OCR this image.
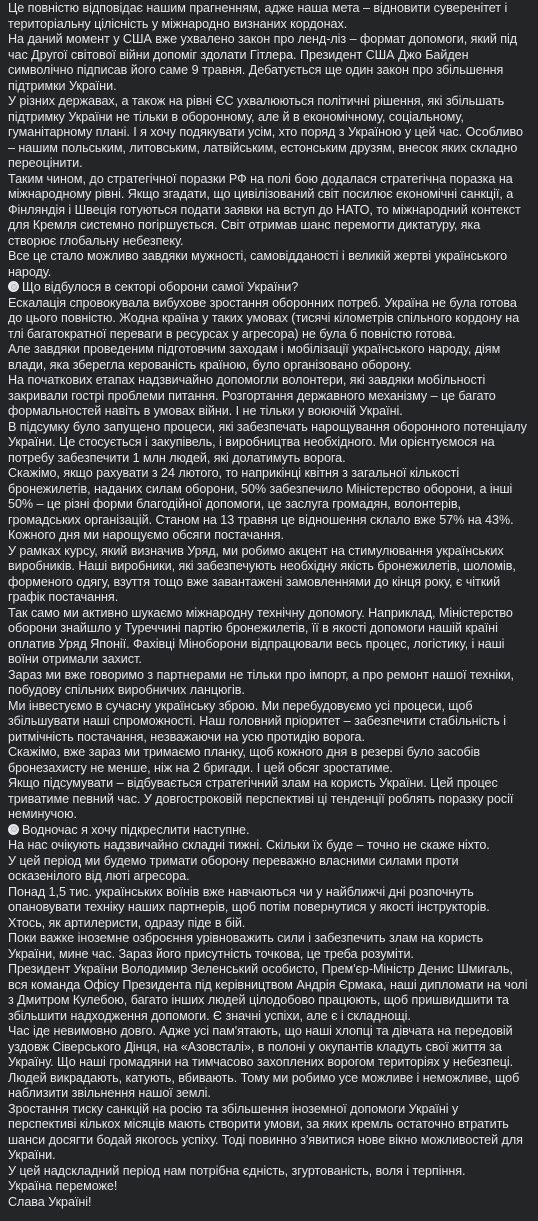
Це повністю відповідає нашим прагненням, адже наша мета – відновити суверенітет і територіальну цілісність у міжнародно визнаних кордонах.

На даний момент у США вже ухвалено закон про ленд-ліз – формат допомоги, який під час Другої світової війни допоміг здолати Гітлера. Президент США Джо Байден символічно підписав його саме 9 травня. Дебатується ще один закон про збільшення підтримки України.

У різних державах, а також на рівні ЄС ухвалюються політичні рішення, які збільшать підтримку України не тільки в оборонному, але й в економічному, соціальному, гуманітарному плані. І я хочу подякувати усім, хто поряд з Україною у цей час. Особливо – нашим польським, литовським, латвійським, естонським друзям, внесок яких складно переоцінити.

Таким чином, до стратегічної поразки РФ на полі бою додалася стратегічна поразка на міжнародному рівні. Якщо згадати, що цивілізований світ посилює економічні санкції, а Фінляндія і Швеція готуються подати заявки на вступ до НАТО, то міжнародний контекст для Кремля системно погіршується. Світ отримав шанс перемогти диктатуру, яка створює глобальну небезпеку.

Все це стало можливо завдяки мужності, самовідданості і великій жертві українського народу.

Що відбулося в секторі оборони самої України?

Ескалація спровокувала вибухове зростання оборонних потреб. Україна не була готова до цього повністю. Жодна країна у таких умовах (тисячі кілометрів спільного кордону на тлі багатократної переваги в ресурсах у агресора) не була б повністю готова.

Але завдяки проведеним підготовчим заходам і мобілізації українського народу, діям влади, яка зберегла керованість країною, було організовано оборону.

На початкових етапах надзвичайно допомогли волонтери, які завдяки мобільності закривали гострі проблеми питання. Розгортання державного механізму – це багато формальностей навіть в умовах війни. І не тільки у воюючій Україні.

В підсумку було запущено процеси, які забезпечать нарощування оборонного потенціалу України. Це стосується і закупівель, і виробництва необхідного. Ми орієнтуємося на потребу забезпечити 1 млн людей, які долатимуть ворога.

Скажімо, якщо рахувати з 24 лютого, то наприкінці квітня з загальної кількості бронежилетів, наданих силам оборони, 50% забезпечило Міністерство оборони, а інші 50% – це різні форми благодійної допомоги, це заслуга громадян, волонтерів, громадських організацій. Станом на 13 травня це відношення склало вже 57% на 43%. Кожного дня ми нарощуємо обсяги постачання.

У рамках курсу, який визначив Уряд, ми робимо акцент на стимулювання українських виробників. Наші виробники, які забезпечують необхідну якість бронежилетів, шоломів, форменого одягу, взуття тощо вже завантажені замовленнями до кінця року, є чіткий графік постачання.

Так само ми активно шукаємо міжнародну технічну допомогу. Наприклад, Міністерство оборони знайшло у Туреччині партію бронежилетів, її в якості допомоги нашій країні оплатив Уряд Японії. Фахівці Міноборони відпрацювали весь процес, логістику, і наші воїни отримали захист.

Зараз ми вже говоримо з партнерами не тільки про імпорт, а про ремонт нашої техніки, побудову спільних виробничих ланцюгів.

Ми інвестуємо в сучасну українську зброю. Ми перебудовуємо усі процеси, щоб збільшувати наші спроможності. Наш головний пріоритет – забезпечити стабільність і ритмічність постачання, незважаючи на усю протидію ворога.

Скажімо, вже зараз ми тримаємо планку, щоб кожного дня в резерві було засобів бронезахисту не менше, ніж на 2 бригади. І цей обсяг зростатиме.

Якщо підсумувати – відбувається стратегічний злам на користь України. Цей процес триватиме певний час. У довгостроковій перспективі ці тенденції роблять поразку росії неминучою.

Водночас я хочу підкреслити наступне.

На нас очікують надзвичайно складні тижні. Скільки їх буде – точно не скаже ніхто.

У цей період ми будемо тримати оборону переважно власними силами проти осказенілого від люті агресора.

Понад 1,5 тис. українських воїнів вже навчаються чи у найближчі дні розпочнуть опановувати техніку наших партнерів, щоб потім повернутися у якості інструкторів. Хтось, як артилеристи, одразу піде в бій.

Поки важке іноземне озброєння урівноважить сили і забезпечить злам на користь України, мине час. Зараз його присутність точкова, це треба розуміти.

Президент України Володимир Зеленський особисто, Прем'єр-Міністр Денис Шмигаль, вся команда Офісу Президента під керівництвом Андрія Єрмака, наші дипломати на чолі з Дмитром Кулебою, багато інших людей цілодобово працюють, щоб пришвидшити та збільшити надходження допомоги. Є значні успіхи, але є і складнощі.

Час іде невимовно довго. Адже усі пам'ятають, що наші хлопці та дівчата на передовій уздовж Сіверського Дінця, на «Азовсталі», в полоні у окупантів кладуть свої життя за Україну. Що наші громадяни на тимчасово захоплених ворогом територіях у небезпеці. Людей викрадають, катують, вбивають. Тому ми робимо усе можливе і неможливе, щоб наблизити звільнення нашої землі.

Зростання тиску санкцій на росію та збільшення іноземної допомоги Україні у перспективі кількох місяців мають створити умови, за яких кремль остаточно втратить шанси досягти бодай якогось успіху. Тоді повинно з'явитися нове вікно можливостей для України.

У цей надскладний період нам потрібна єдність, згуртованість, воля і терпіння.

Україна переможе!

Слава Україні!
